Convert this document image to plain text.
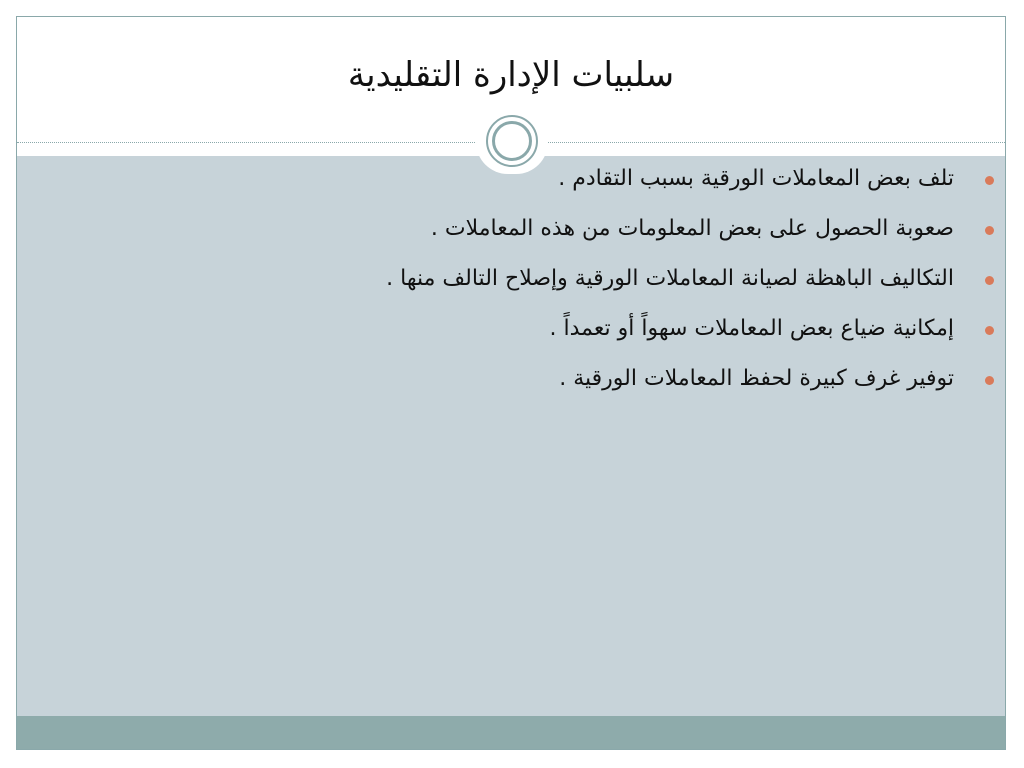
سلبيات الإدارة التقليدية
تلف بعض المعاملات الورقية بسبب التقادم .
صعوبة الحصول على بعض المعلومات من هذه المعاملات .
التكاليف الباهظة لصيانة المعاملات الورقية وإصلاح التالف منها .
إمكانية ضياع بعض المعاملات سهواً أو تعمداً .
توفير غرف كبيرة لحفظ المعاملات الورقية .
